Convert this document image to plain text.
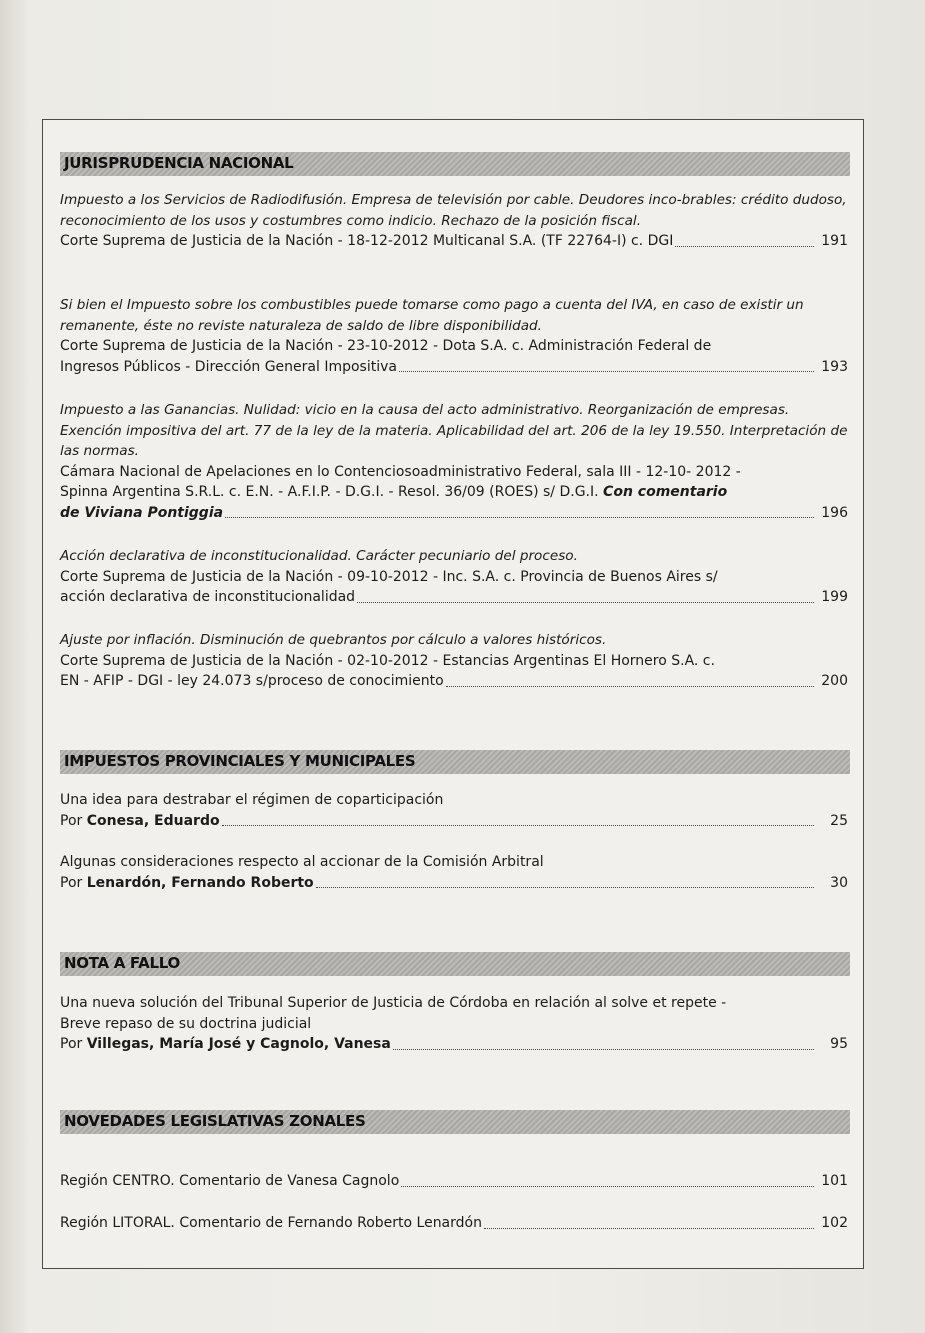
JURISPRUDENCIA NACIONAL
Impuesto a los Servicios de Radiodifusión. Empresa de televisión por cable. Deudores inco-brables: crédito dudoso, reconocimiento de los usos y costumbres como indicio. Rechazo de la posición fiscal.
Corte Suprema de Justicia de la Nación - 18-12-2012 Multicanal S.A. (TF 22764-I) c. DGI	191
Si bien el Impuesto sobre los combustibles puede tomarse como pago a cuenta del IVA, en caso de existir un remanente, éste no reviste naturaleza de saldo de libre disponibilidad.
Corte Suprema de Justicia de la Nación - 23-10-2012 - Dota S.A. c. Administración Federal de
Ingresos Públicos - Dirección General Impositiva	193
Impuesto a las Ganancias. Nulidad: vicio en la causa del acto administrativo. Reorganización de empresas. Exención impositiva del art. 77 de la ley de la materia. Aplicabilidad del art. 206 de la ley 19.550. Interpretación de las normas.
Cámara Nacional de Apelaciones en lo Contenciosoadministrativo Federal, sala III - 12-10- 2012 -
Spinna Argentina S.R.L. c. E.N. - A.F.I.P. - D.G.I. - Resol. 36/09 (ROES) s/ D.G.I. Con comentario
de Viviana Pontiggia	196
Acción declarativa de inconstitucionalidad. Carácter pecuniario del proceso.
Corte Suprema de Justicia de la Nación - 09-10-2012 - Inc. S.A. c. Provincia de Buenos Aires s/
acción declarativa de inconstitucionalidad	199
Ajuste por inflación. Disminución de quebrantos por cálculo a valores históricos.
Corte Suprema de Justicia de la Nación - 02-10-2012 - Estancias Argentinas El Hornero S.A. c.
EN - AFIP - DGI - ley 24.073 s/proceso de conocimiento	200
IMPUESTOS PROVINCIALES Y MUNICIPALES
Una idea para destrabar el régimen de coparticipación
Por Conesa, Eduardo	25
Algunas consideraciones respecto al accionar de la Comisión Arbitral
Por Lenardón, Fernando Roberto	30
NOTA A FALLO
Una nueva solución del Tribunal Superior de Justicia de Córdoba en relación al solve et repete -
Breve repaso de su doctrina judicial
Por Villegas, María José y Cagnolo, Vanesa	95
NOVEDADES LEGISLATIVAS ZONALES
Región CENTRO. Comentario de Vanesa Cagnolo	101
Región LITORAL. Comentario de Fernando Roberto Lenardón	102
